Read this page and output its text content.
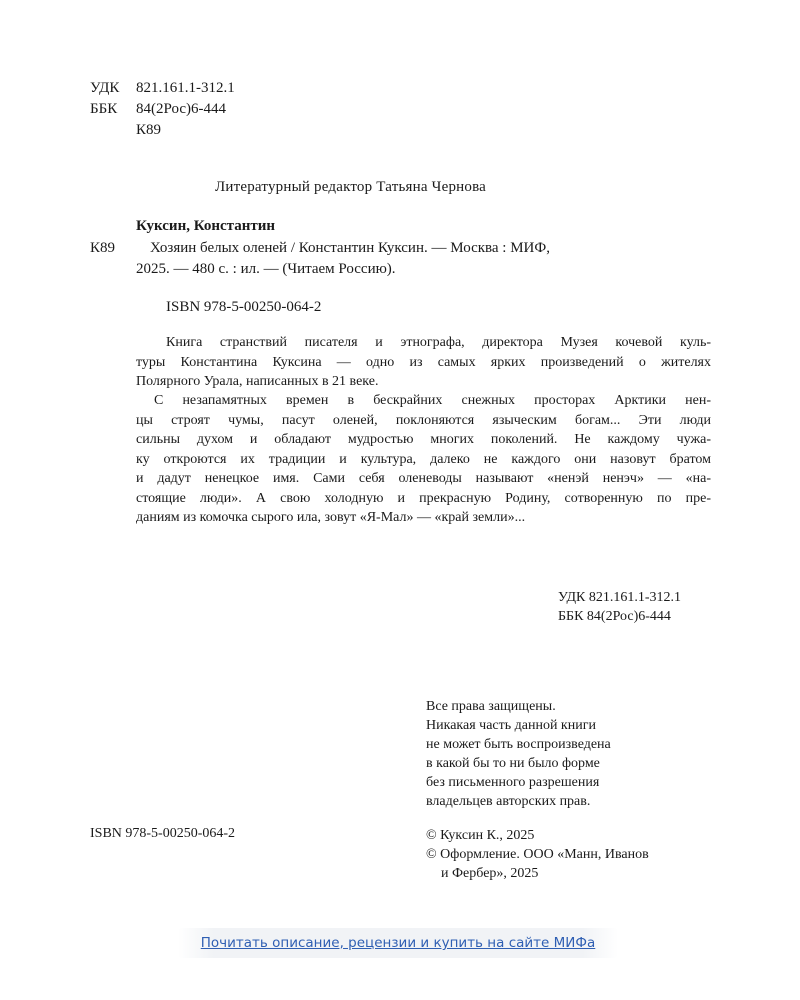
УДК 821.161.1-312.1
ББК 84(2Рос)6-444
К89
Литературный редактор Татьяна Чернова
Куксин, Константин
К89 Хозяин белых оленей / Константин Куксин. — Москва : МИФ,
2025. — 480 с. : ил. — (Читаем Россию).
ISBN 978-5-00250-064-2
Книга странствий писателя и этнографа, директора Музея кочевой куль-
туры Константина Куксина — одно из самых ярких произведений о жителях
Полярного Урала, написанных в 21 веке.
С незапамятных времен в бескрайних снежных просторах Арктики нен-
цы строят чумы, пасут оленей, поклоняются языческим богам... Эти люди
сильны духом и обладают мудростью многих поколений. Не каждому чужа-
ку откроются их традиции и культура, далеко не каждого они назовут братом
и дадут ненецкое имя. Сами себя оленеводы называют «ненэй ненэч» — «на-
стоящие люди». А свою холодную и прекрасную Родину, сотворенную по пре-
даниям из комочка сырого ила, зовут «Я-Мал» — «край земли»...
УДК 821.161.1-312.1
ББК 84(2Рос)6-444
Все права защищены.
Никакая часть данной книги
не может быть воспроизведена
в какой бы то ни было форме
без письменного разрешения
владельцев авторских прав.
ISBN 978-5-00250-064-2	© Куксин К., 2025
© Оформление. ООО «Манн, Иванов
и Фербер», 2025
Почитать описание, рецензии и купить на сайте МИФа
